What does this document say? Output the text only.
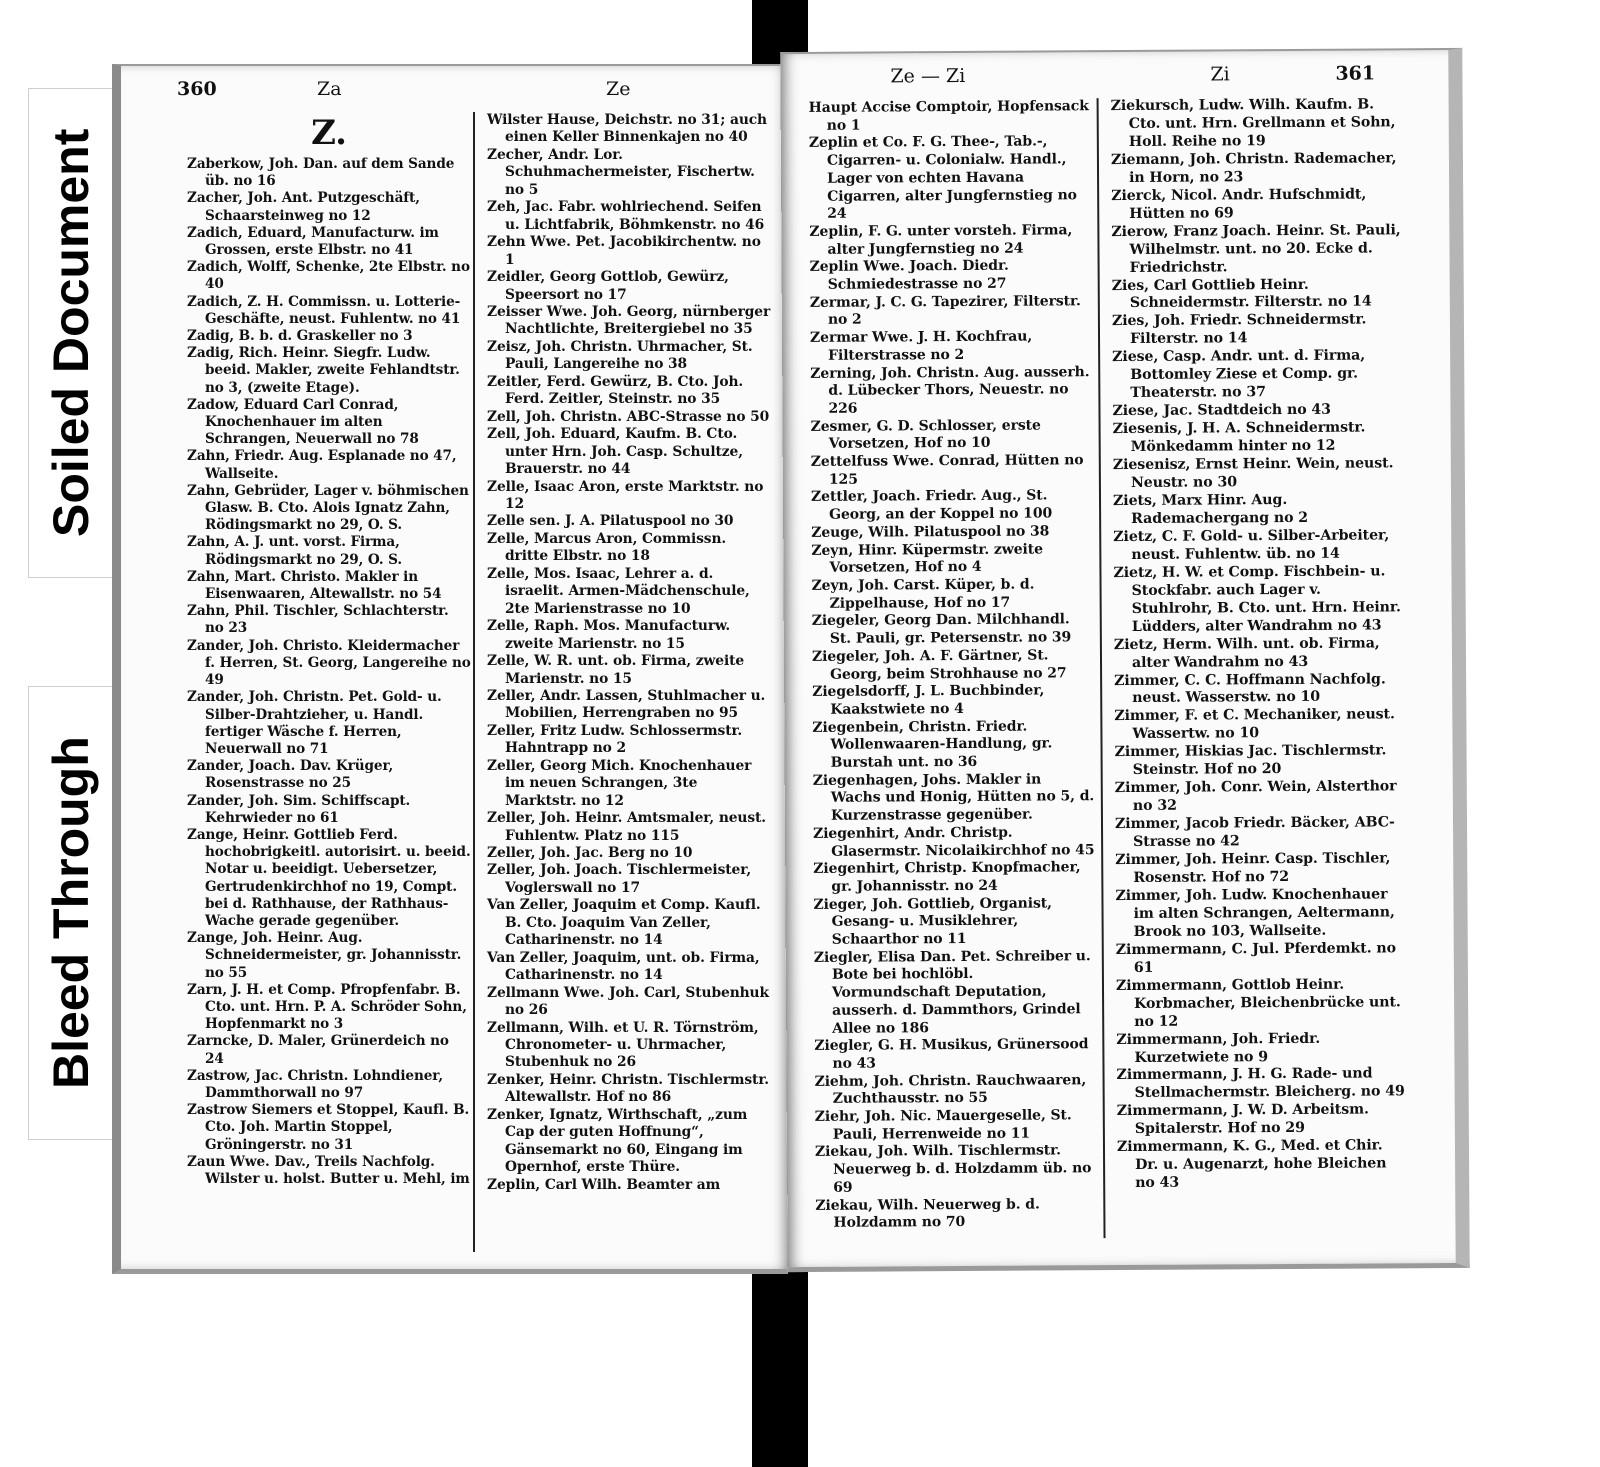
Soiled Document
Bleed Through
360	Za	Ze
Z.

Zaberkow, Joh. Dan. auf dem Sande üb. no 16

Zacher, Joh. Ant. Putzgeschäft, Schaarsteinweg no 12

Zadich, Eduard, Manufacturw. im Grossen, erste Elbstr. no 41

Zadich, Wolff, Schenke, 2te Elbstr. no 40

Zadich, Z. H. Commissn. u. Lotterie-Geschäfte, neust. Fuhlentw. no 41

Zadig, B. b. d. Graskeller no 3

Zadig, Rich. Heinr. Siegfr. Ludw. beeid. Makler, zweite Fehlandtstr. no 3, (zweite Etage).

Zadow, Eduard Carl Conrad, Knochenhauer im alten Schrangen, Neuerwall no 78

Zahn, Friedr. Aug. Esplanade no 47, Wallseite.

Zahn, Gebrüder, Lager v. böhmischen Glasw. B. Cto. Alois Ignatz Zahn, Rödingsmarkt no 29, O. S.

Zahn, A. J. unt. vorst. Firma, Rödingsmarkt no 29, O. S.

Zahn, Mart. Christo. Makler in Eisenwaaren, Altewallstr. no 54

Zahn, Phil. Tischler, Schlachterstr. no 23

Zander, Joh. Christo. Kleidermacher f. Herren, St. Georg, Langereihe no 49

Zander, Joh. Christn. Pet. Gold- u. Silber-Drahtzieher, u. Handl. fertiger Wäsche f. Herren, Neuerwall no 71

Zander, Joach. Dav. Krüger, Rosenstrasse no 25

Zander, Joh. Sim. Schiffscapt. Kehrwieder no 61

Zange, Heinr. Gottlieb Ferd. hochobrigkeitl. autorisirt. u. beeid. Notar u. beeidigt. Uebersetzer, Gertrudenkirchhof no 19, Compt. bei d. Rathhause, der Rathhaus-Wache gerade gegenüber.

Zange, Joh. Heinr. Aug. Schneidermeister, gr. Johannisstr. no 55

Zarn, J. H. et Comp. Pfropfenfabr. B. Cto. unt. Hrn. P. A. Schröder Sohn, Hopfenmarkt no 3

Zarncke, D. Maler, Grünerdeich no 24

Zastrow, Jac. Christn. Lohndiener, Dammthorwall no 97

Zastrow Siemers et Stoppel, Kaufl. B. Cto. Joh. Martin Stoppel, Gröningerstr. no 31

Zaun Wwe. Dav., Treils Nachfolg. Wilster u. holst. Butter u. Mehl, im

Wilster Hause, Deichstr. no 31; auch einen Keller Binnenkajen no 40

Zecher, Andr. Lor. Schuhmachermeister, Fischertw. no 5

Zeh, Jac. Fabr. wohlriechend. Seifen u. Lichtfabrik, Böhmkenstr. no 46

Zehn Wwe. Pet. Jacobikirchentw. no 1

Zeidler, Georg Gottlob, Gewürz, Speersort no 17

Zeisser Wwe. Joh. Georg, nürnberger Nachtlichte, Breitergiebel no 35

Zeisz, Joh. Christn. Uhrmacher, St. Pauli, Langereihe no 38

Zeitler, Ferd. Gewürz, B. Cto. Joh. Ferd. Zeitler, Steinstr. no 35

Zell, Joh. Christn. ABC-Strasse no 50

Zell, Joh. Eduard, Kaufm. B. Cto. unter Hrn. Joh. Casp. Schultze, Brauerstr. no 44

Zelle, Isaac Aron, erste Marktstr. no 12

Zelle sen. J. A. Pilatuspool no 30

Zelle, Marcus Aron, Commissn. dritte Elbstr. no 18

Zelle, Mos. Isaac, Lehrer a. d. israelit. Armen-Mädchenschule, 2te Marienstrasse no 10

Zelle, Raph. Mos. Manufacturw. zweite Marienstr. no 15

Zelle, W. R. unt. ob. Firma, zweite Marienstr. no 15

Zeller, Andr. Lassen, Stuhlmacher u. Mobilien, Herrengraben no 95

Zeller, Fritz Ludw. Schlossermstr. Hahntrapp no 2

Zeller, Georg Mich. Knochenhauer im neuen Schrangen, 3te Marktstr. no 12

Zeller, Joh. Heinr. Amtsmaler, neust. Fuhlentw. Platz no 115

Zeller, Joh. Jac. Berg no 10

Zeller, Joh. Joach. Tischlermeister, Voglerswall no 17

Van Zeller, Joaquim et Comp. Kaufl. B. Cto. Joaquim Van Zeller, Catharinenstr. no 14

Van Zeller, Joaquim, unt. ob. Firma, Catharinenstr. no 14

Zellmann Wwe. Joh. Carl, Stubenhuk no 26

Zellmann, Wilh. et U. R. Törnström, Chronometer- u. Uhrmacher, Stubenhuk no 26

Zenker, Heinr. Christn. Tischlermstr. Altewallstr. Hof no 86

Zenker, Ignatz, Wirthschaft, „zum Cap der guten Hoffnung“, Gänsemarkt no 60, Eingang im Opernhof, erste Thüre.

Zeplin, Carl Wilh. Beamter am

Ze — Zi	Zi	361

Haupt Accise Comptoir, Hopfensack no 1

Zeplin et Co. F. G. Thee-, Tab.-, Cigarren- u. Colonialw. Handl., Lager von echten Havana Cigarren, alter Jungfernstieg no 24

Zeplin, F. G. unter vorsteh. Firma, alter Jungfernstieg no 24

Zeplin Wwe. Joach. Diedr. Schmiedestrasse no 27

Zermar, J. C. G. Tapezirer, Filterstr. no 2

Zermar Wwe. J. H. Kochfrau, Filterstrasse no 2

Zerning, Joh. Christn. Aug. ausserh. d. Lübecker Thors, Neuestr. no 226

Zesmer, G. D. Schlosser, erste Vorsetzen, Hof no 10

Zettelfuss Wwe. Conrad, Hütten no 125

Zettler, Joach. Friedr. Aug., St. Georg, an der Koppel no 100

Zeuge, Wilh. Pilatuspool no 38

Zeyn, Hinr. Küpermstr. zweite Vorsetzen, Hof no 4

Zeyn, Joh. Carst. Küper, b. d. Zippelhause, Hof no 17

Ziegeler, Georg Dan. Milchhandl. St. Pauli, gr. Petersenstr. no 39

Ziegeler, Joh. A. F. Gärtner, St. Georg, beim Strohhause no 27

Ziegelsdorff, J. L. Buchbinder, Kaakstwiete no 4

Ziegenbein, Christn. Friedr. Wollenwaaren-Handlung, gr. Burstah unt. no 36

Ziegenhagen, Johs. Makler in Wachs und Honig, Hütten no 5, d. Kurzenstrasse gegenüber.

Ziegenhirt, Andr. Christp. Glasermstr. Nicolaikirchhof no 45

Ziegenhirt, Christp. Knopfmacher, gr. Johannisstr. no 24

Zieger, Joh. Gottlieb, Organist, Gesang- u. Musiklehrer, Schaarthor no 11

Ziegler, Elisa Dan. Pet. Schreiber u. Bote bei hochlöbl. Vormundschaft Deputation, ausserh. d. Dammthors, Grindel Allee no 186

Ziegler, G. H. Musikus, Grünersood no 43

Ziehm, Joh. Christn. Rauchwaaren, Zuchthausstr. no 55

Ziehr, Joh. Nic. Mauergeselle, St. Pauli, Herrenweide no 11

Ziekau, Joh. Wilh. Tischlermstr. Neuerweg b. d. Holzdamm üb. no 69

Ziekau, Wilh. Neuerweg b. d. Holzdamm no 70

Ziekursch, Ludw. Wilh. Kaufm. B. Cto. unt. Hrn. Grellmann et Sohn, Holl. Reihe no 19

Ziemann, Joh. Christn. Rademacher, in Horn, no 23

Zierck, Nicol. Andr. Hufschmidt, Hütten no 69

Zierow, Franz Joach. Heinr. St. Pauli, Wilhelmstr. unt. no 20. Ecke d. Friedrichstr.

Zies, Carl Gottlieb Heinr. Schneidermstr. Filterstr. no 14

Zies, Joh. Friedr. Schneidermstr. Filterstr. no 14

Ziese, Casp. Andr. unt. d. Firma, Bottomley Ziese et Comp. gr. Theaterstr. no 37

Ziese, Jac. Stadtdeich no 43

Ziesenis, J. H. A. Schneidermstr. Mönkedamm hinter no 12

Ziesenisz, Ernst Heinr. Wein, neust. Neustr. no 30

Ziets, Marx Hinr. Aug. Rademachergang no 2

Zietz, C. F. Gold- u. Silber-Arbeiter, neust. Fuhlentw. üb. no 14

Zietz, H. W. et Comp. Fischbein- u. Stockfabr. auch Lager v. Stuhlrohr, B. Cto. unt. Hrn. Heinr. Lüdders, alter Wandrahm no 43

Zietz, Herm. Wilh. unt. ob. Firma, alter Wandrahm no 43

Zimmer, C. C. Hoffmann Nachfolg. neust. Wasserstw. no 10

Zimmer, F. et C. Mechaniker, neust. Wassertw. no 10

Zimmer, Hiskias Jac. Tischlermstr. Steinstr. Hof no 20

Zimmer, Joh. Conr. Wein, Alsterthor no 32

Zimmer, Jacob Friedr. Bäcker, ABC-Strasse no 42

Zimmer, Joh. Heinr. Casp. Tischler, Rosenstr. Hof no 72

Zimmer, Joh. Ludw. Knochenhauer im alten Schrangen, Aeltermann, Brook no 103, Wallseite.

Zimmermann, C. Jul. Pferdemkt. no 61

Zimmermann, Gottlob Heinr. Korbmacher, Bleichenbrücke unt. no 12

Zimmermann, Joh. Friedr. Kurzetwiete no 9

Zimmermann, J. H. G. Rade- und Stellmachermstr. Bleicherg. no 49

Zimmermann, J. W. D. Arbeitsm. Spitalerstr. Hof no 29

Zimmermann, K. G., Med. et Chir. Dr. u. Augenarzt, hohe Bleichen no 43
